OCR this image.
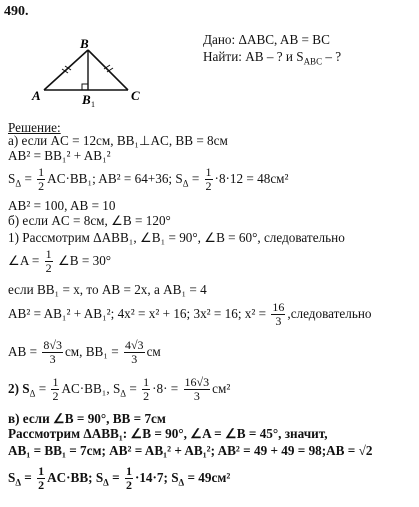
490.
B
A	C
B 1
Дано: ΔABC, AB = BC
Найти: AB – ? и $S_{ABC}$ – ?
Решение:
а) если AC = 12см, BB₁⊥AC, BB = 8см
AB² = BB₁² + AB₁²
$S_\Delta = \frac{1}{2} AC\cdot BB_1$; AB² = 64+36; $S_\Delta = \frac{1}{2} \cdot 8\cdot 12 = 48см^2$
AB² = 100, AB = 10
б) если AC = 8см, ∠B = 120°
1) Рассмотрим ΔABB₁, ∠B₁ = 90°, ∠B = 60°, следовательно
∠A = $\frac{1}{2}$ ∠B = 30°
если BB₁ = x, то AB = 2x, а AB₁ = 4
AB² = AB₁² + AB₁²; 4x² = x² + 16; 3x² = 16; $x^2 = \frac{16}{3}$ ,следовательно
AB = $\frac{8√3}{3}$ см, $BB_1 = \frac{4√3}{3}$ см
2) $S_\Delta = \frac{1}{2} AC\cdot BB_1$, $S_\Delta = \frac{1}{2} \cdot 8\cdot = \frac{16√3}{3} см^2$
в) если ∠B = 90°, BB = 7см
Рассмотрим ΔABB₁: ∠B = 90°, ∠A = ∠B = 45°, значит,
AB₁ = BB₁ = 7см; AB² = AB₁² + AB₁²; AB² = 49 + 49 = 98;AB = √2
$S_\Delta = \frac{1}{2} AC\cdot BB$; $S_\Delta = \frac{1}{2} \cdot 14\cdot 7$; $S_\Delta = 49см^2$
